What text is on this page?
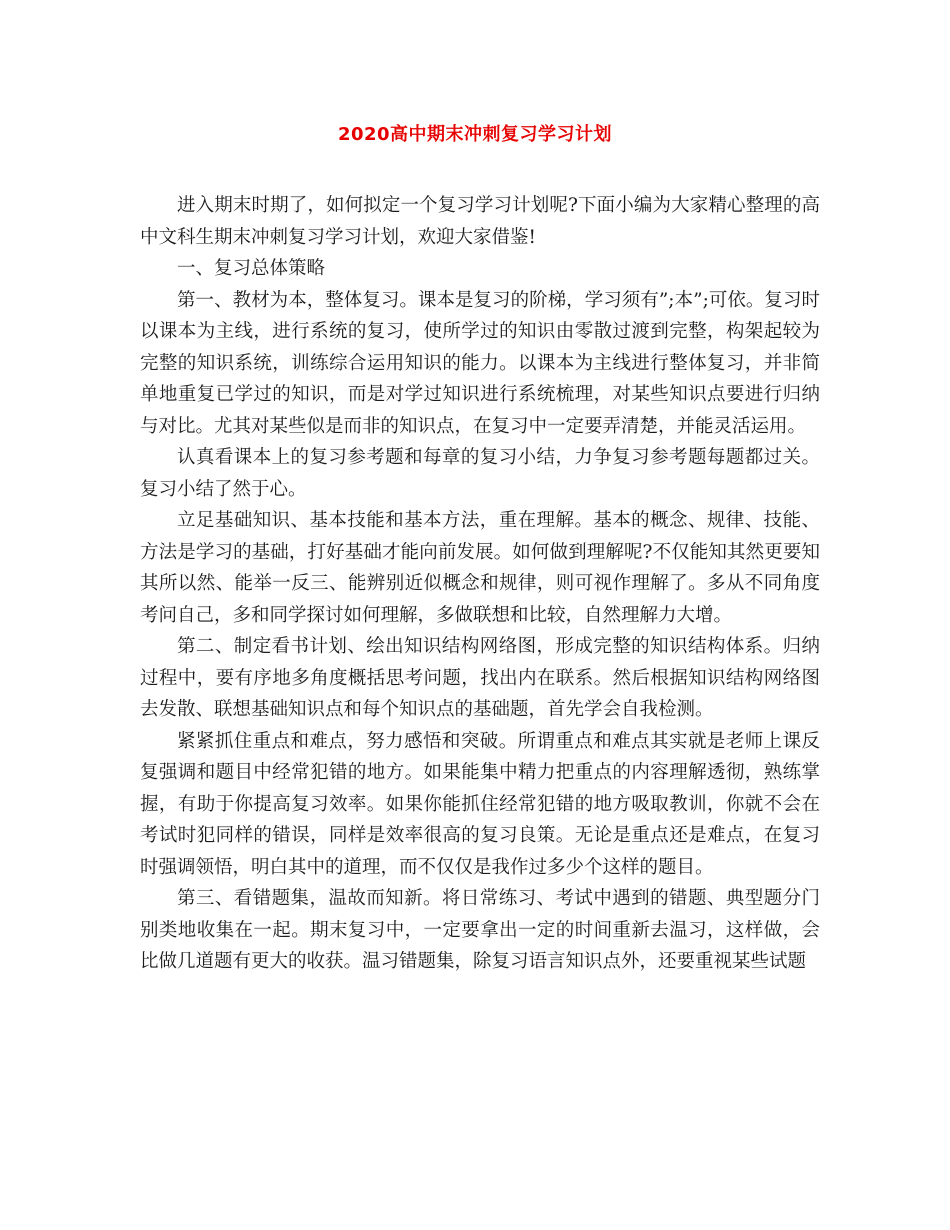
2020高中期末冲刺复习学习计划

进入期末时期了，如何拟定一个复习学习计划呢?下面小编为大家精心整理的高中文科生期末冲刺复习学习计划，欢迎大家借鉴!

一、复习总体策略

第一、教材为本，整体复习。课本是复习的阶梯，学习须有”;本”;可依。复习时以课本为主线，进行系统的复习，使所学过的知识由零散过渡到完整，构架起较为完整的知识系统，训练综合运用知识的能力。以课本为主线进行整体复习，并非简单地重复已学过的知识，而是对学过知识进行系统梳理，对某些知识点要进行归纳与对比。尤其对某些似是而非的知识点，在复习中一定要弄清楚，并能灵活运用。

认真看课本上的复习参考题和每章的复习小结，力争复习参考题每题都过关。复习小结了然于心。

立足基础知识、基本技能和基本方法，重在理解。基本的概念、规律、技能、方法是学习的基础，打好基础才能向前发展。如何做到理解呢?不仅能知其然更要知其所以然、能举一反三、能辨别近似概念和规律，则可视作理解了。多从不同角度考问自己，多和同学探讨如何理解，多做联想和比较，自然理解力大增。

第二、制定看书计划、绘出知识结构网络图，形成完整的知识结构体系。归纳过程中，要有序地多角度概括思考问题，找出内在联系。然后根据知识结构网络图去发散、联想基础知识点和每个知识点的基础题，首先学会自我检测。

紧紧抓住重点和难点，努力感悟和突破。所谓重点和难点其实就是老师上课反复强调和题目中经常犯错的地方。如果能集中精力把重点的内容理解透彻，熟练掌握，有助于你提高复习效率。如果你能抓住经常犯错的地方吸取教训，你就不会在考试时犯同样的错误，同样是效率很高的复习良策。无论是重点还是难点，在复习时强调领悟，明白其中的道理，而不仅仅是我作过多少个这样的题目。

第三、看错题集，温故而知新。将日常练习、考试中遇到的错题、典型题分门别类地收集在一起。期末复习中，一定要拿出一定的时间重新去温习，这样做，会比做几道题有更大的收获。温习错题集，除复习语言知识点外，还要重视某些试题
